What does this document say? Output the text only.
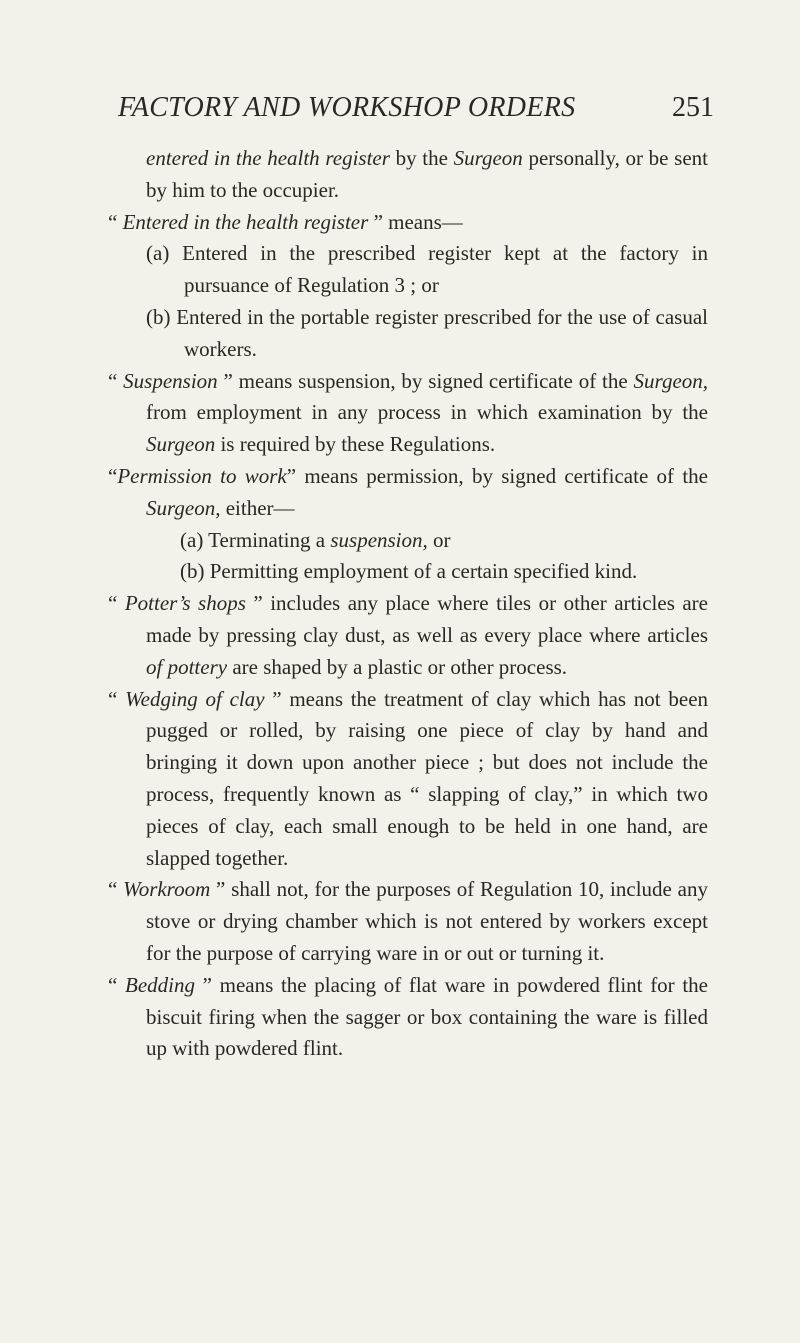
FACTORY AND WORKSHOP ORDERS	251

entered in the health register by the Surgeon personally, or be sent by him to the occupier.

“ Entered in the health register ” means—

(a) Entered in the prescribed register kept at the factory in pursuance of Regulation 3 ; or

(b) Entered in the portable register prescribed for the use of casual workers.

“ Suspension ” means suspension, by signed certificate of the Surgeon, from employment in any process in which examination by the Surgeon is required by these Regulations.

“Permission to work” means permission, by signed certificate of the Surgeon, either—

(a) Terminating a suspension, or

(b) Permitting employment of a certain specified kind.

“ Potter’s shops ” includes any place where tiles or other articles are made by pressing clay dust, as well as every place where articles of pottery are shaped by a plastic or other process.

“ Wedging of clay ” means the treatment of clay which has not been pugged or rolled, by raising one piece of clay by hand and bringing it down upon another piece ; but does not include the process, frequently known as “ slapping of clay,” in which two pieces of clay, each small enough to be held in one hand, are slapped together.

“ Workroom ” shall not, for the purposes of Regulation 10, include any stove or drying chamber which is not entered by workers except for the purpose of carrying ware in or out or turning it.

“ Bedding ” means the placing of flat ware in powdered flint for the biscuit firing when the sagger or box containing the ware is filled up with powdered flint.
